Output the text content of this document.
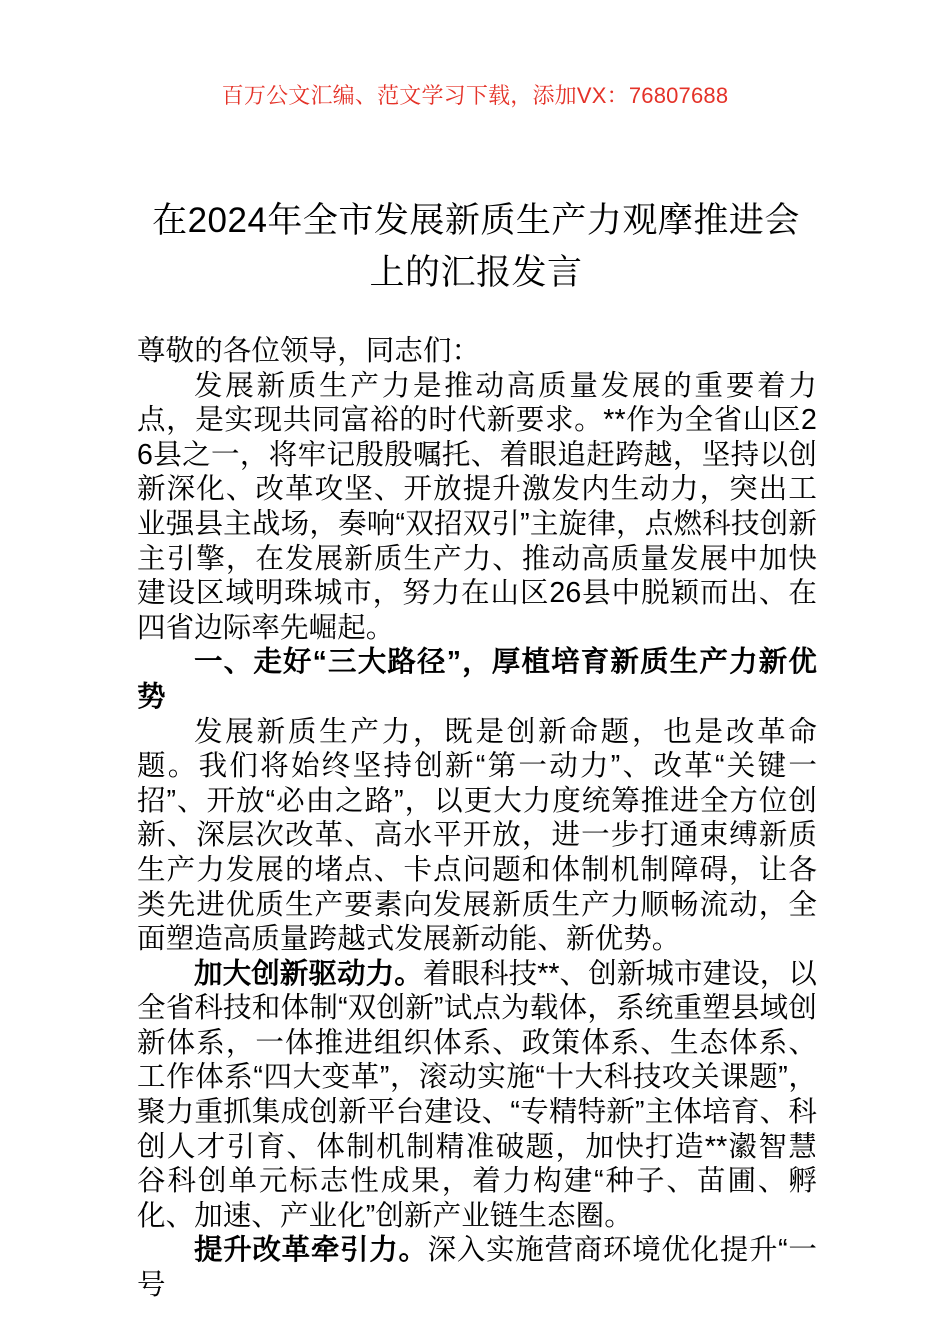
百万公文汇编、范文学习下载，添加VX：76807688
在2024年全市发展新质生产力观摩推进会上的汇报发言

尊敬的各位领导，同志们：

发展新质生产力是推动高质量发展的重要着力点，是实现共同富裕的时代新要求。**作为全省山区26县之一，将牢记殷殷嘱托、着眼追赶跨越，坚持以创新深化、改革攻坚、开放提升激发内生动力，突出工业强县主战场，奏响“双招双引”主旋律，点燃科技创新主引擎，在发展新质生产力、推动高质量发展中加快建设区域明珠城市，努力在山区26县中脱颖而出、在四省边际率先崛起。

一、走好“三大路径”，厚植培育新质生产力新优势

发展新质生产力，既是创新命题，也是改革命题。我们将始终坚持创新“第一动力”、改革“关键一招”、开放“必由之路”，以更大力度统筹推进全方位创新、深层次改革、高水平开放，进一步打通束缚新质生产力发展的堵点、卡点问题和体制机制障碍，让各类先进优质生产要素向发展新质生产力顺畅流动，全面塑造高质量跨越式发展新动能、新优势。

加大创新驱动力。着眼科技**、创新城市建设，以全省科技和体制“双创新”试点为载体，系统重塑县域创新体系，一体推进组织体系、政策体系、生态体系、工作体系“四大变革”，滚动实施“十大科技攻关课题”，聚力重抓集成创新平台建设、“专精特新”主体培育、科创人才引育、体制机制精准破题，加快打造**瀫智慧谷科创单元标志性成果，着力构建“种子、苗圃、孵化、加速、产业化”创新产业链生态圈。

提升改革牵引力。深入实施营商环境优化提升“一号
